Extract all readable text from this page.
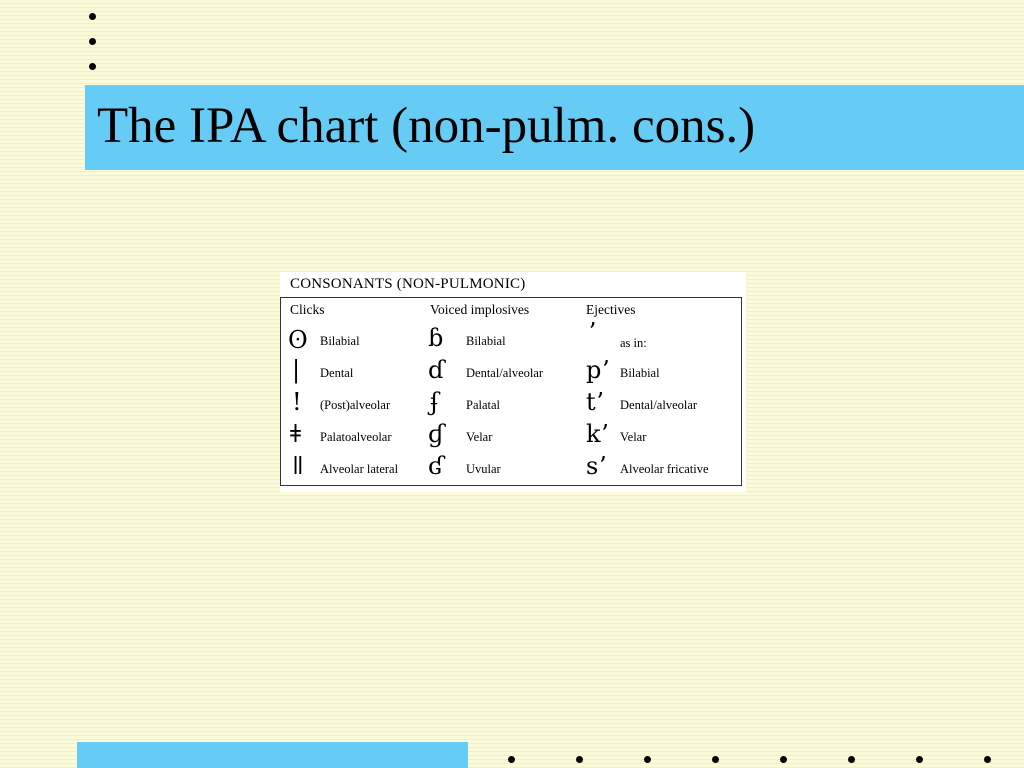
The IPA chart (non-pulm. cons.)
CONSONANTS (NON-PULMONIC)
Clicks	Voiced implosives	Ejectives
ʘ Bilabial
| Dental
! (Post)alveolar
ǂ Palatoalveolar
ǁ Alveolar lateral
ɓ Bilabial
ɗ Dental/alveolar
ʄ Palatal
ɠ Velar
ʛ Uvular
ʼ as in:
pʼ Bilabial
tʼ Dental/alveolar
kʼ Velar
sʼ Alveolar fricative
